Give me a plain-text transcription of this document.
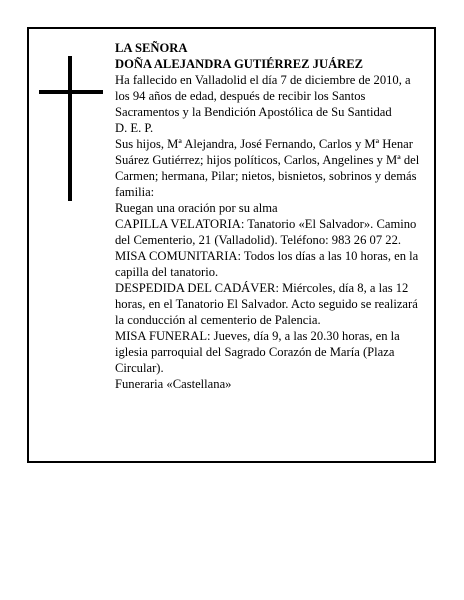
LA SEÑORA

DOÑA ALEJANDRA GUTIÉRREZ JUÁREZ

Ha fallecido en Valladolid el día 7 de diciembre de 2010, a los 94 años de edad, después de recibir los Santos Sacramentos y la Bendición Apostólica de Su Santidad

D. E. P.

Sus hijos, Mª Alejandra, José Fernando, Carlos y Mª Henar Suárez Gutiérrez; hijos políticos, Carlos, Angelines y Mª del Carmen; hermana, Pilar; nietos, bisnietos, sobrinos y demás familia:

Ruegan una oración por su alma

CAPILLA VELATORIA: Tanatorio «El Salvador». Camino del Cementerio, 21 (Valladolid). Teléfono: 983 26 07 22.

MISA COMUNITARIA: Todos los días a las 10 horas, en la capilla del tanatorio.

DESPEDIDA DEL CADÁVER: Miércoles, día 8, a las 12 horas, en el Tanatorio El Salvador. Acto seguido se realizará la conducción al cementerio de Palencia.

MISA FUNERAL: Jueves, día 9, a las 20.30 horas, en la iglesia parroquial del Sagrado Corazón de María (Plaza Circular).

Funeraria «Castellana»
